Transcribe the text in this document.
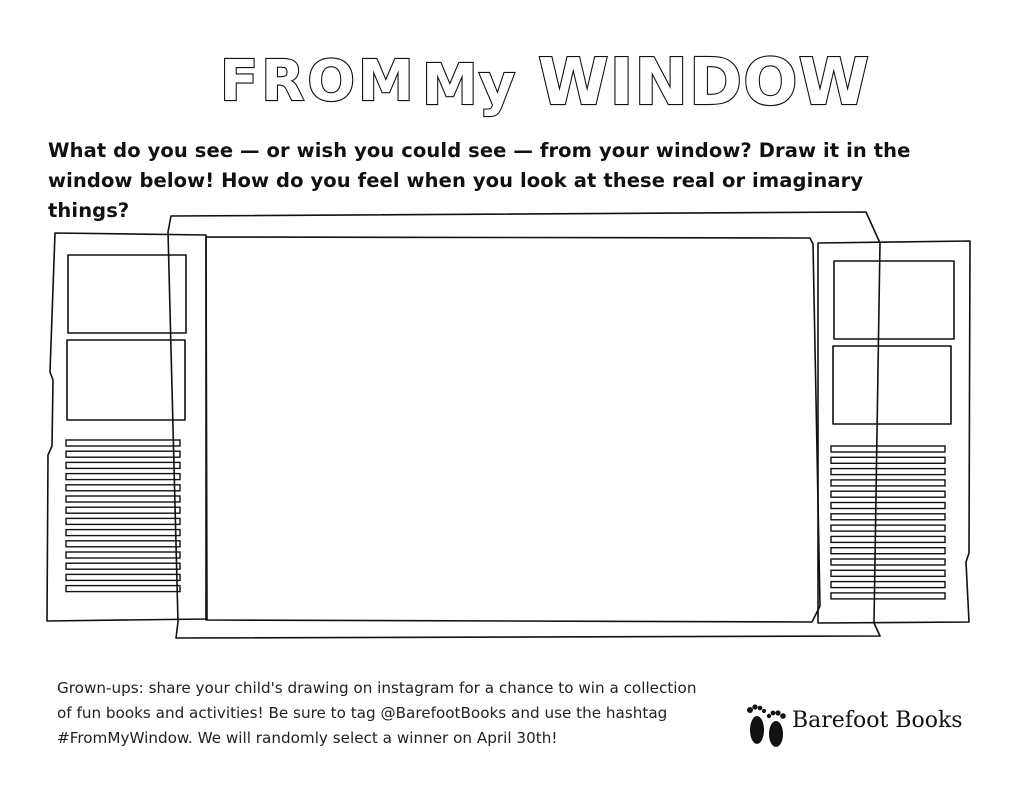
FROM My WINDOW
What do you see — or wish you could see — from your window? Draw it in the window below! How do you feel when you look at these real or imaginary things?
Grown-ups: share your child's drawing on instagram for a chance to win a collection of fun books and activities! Be sure to tag @BarefootBooks and use the hashtag #FromMyWindow. We will randomly select a winner on April 30th!
Barefoot Books
